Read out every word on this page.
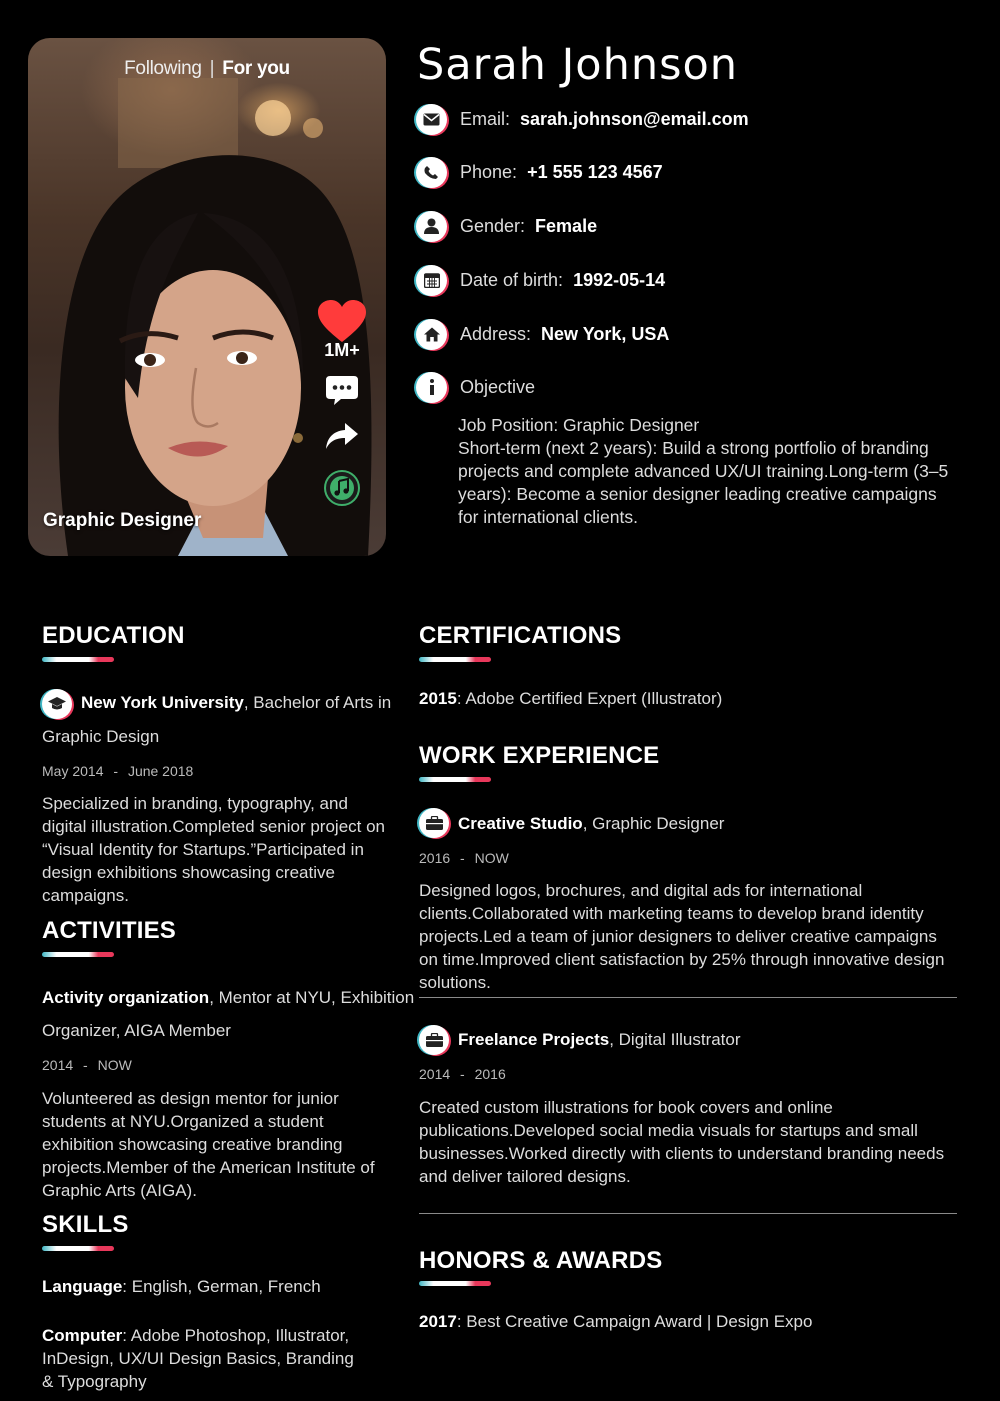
Following | For you
1M+
Graphic Designer
Sarah Johnson
Email: sarah.johnson@email.com
Phone: +1 555 123 4567
Gender: Female
Date of birth: 1992-05-14
Address: New York, USA
Objective
Job Position: Graphic Designer
Short-term (next 2 years): Build a strong portfolio of branding projects and complete advanced UX/UI training.Long-term (3–5 years): Become a senior designer leading creative campaigns for international clients.
EDUCATION
New York University, Bachelor of Arts in
Graphic Design
May 2014 - June 2018
Specialized in branding, typography, and digital illustration.Completed senior project on “Visual Identity for Startups.”Participated in design exhibitions showcasing creative campaigns.
ACTIVITIES
Activity organization, Mentor at NYU, Exhibition
Organizer, AIGA Member
2014 - NOW
Volunteered as design mentor for junior students at NYU.Organized a student exhibition showcasing creative branding projects.Member of the American Institute of Graphic Arts (AIGA).
SKILLS
Language: English, German, French
Computer: Adobe Photoshop, Illustrator, InDesign, UX/UI Design Basics, Branding & Typography
CERTIFICATIONS
2015: Adobe Certified Expert (Illustrator)
WORK EXPERIENCE
Creative Studio, Graphic Designer
2016 - NOW
Designed logos, brochures, and digital ads for international clients.Collaborated with marketing teams to develop brand identity projects.Led a team of junior designers to deliver creative campaigns on time.Improved client satisfaction by 25% through innovative design solutions.
Freelance Projects, Digital Illustrator
2014 - 2016
Created custom illustrations for book covers and online publications.Developed social media visuals for startups and small businesses.Worked directly with clients to understand branding needs and deliver tailored designs.
HONORS & AWARDS
2017: Best Creative Campaign Award | Design Expo
